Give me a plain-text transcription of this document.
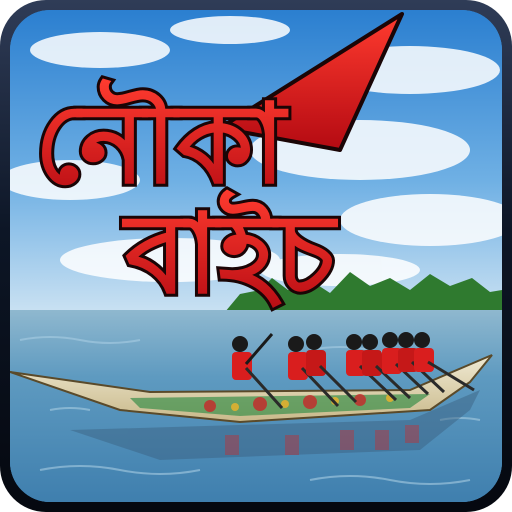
নৌকা
বাইচ
